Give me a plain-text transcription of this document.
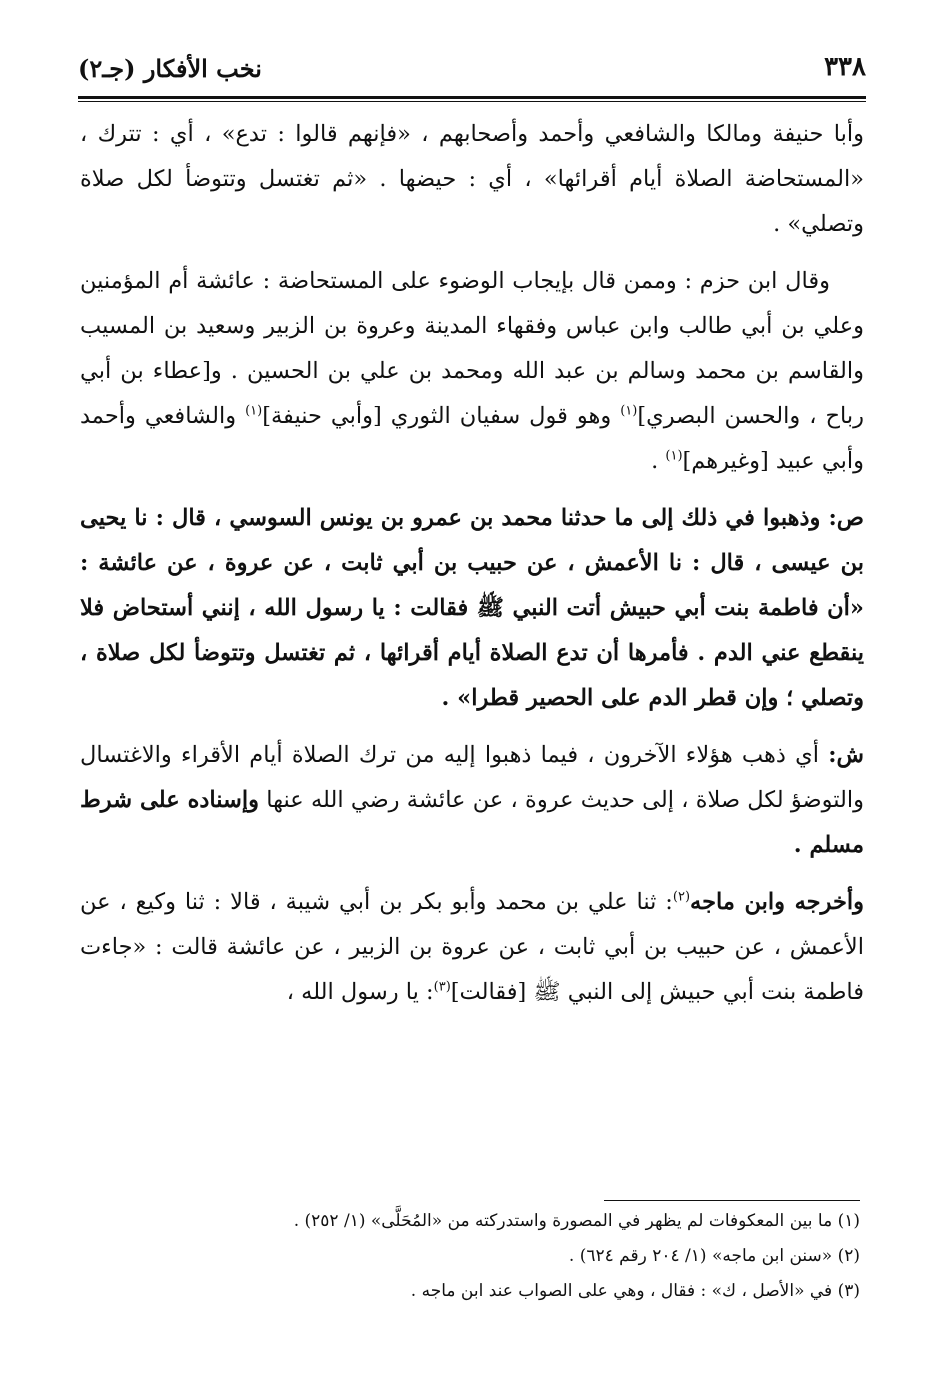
٣٣٨
نخب الأفكار (جـ٢)

وأبا حنيفة ومالكا والشافعي وأحمد وأصحابهم ، «فإنهم قالوا : تدع» ، أي : تترك ، «المستحاضة الصلاة أيام أقرائها» ، أي : حيضها . «ثم تغتسل وتتوضأ لكل صلاة وتصلي» .

وقال ابن حزم : وممن قال بإيجاب الوضوء على المستحاضة : عائشة أم المؤمنين وعلي بن أبي طالب وابن عباس وفقهاء المدينة وعروة بن الزبير وسعيد بن المسيب والقاسم بن محمد وسالم بن عبد الله ومحمد بن علي بن الحسين . و[عطاء بن أبي رباح ، والحسن البصري]$^{(١)}$ وهو قول سفيان الثوري [وأبي حنيفة]$^{(١)}$ والشافعي وأحمد وأبي عبيد [وغيرهم]$^{(١)}$ .

ص: وذهبوا في ذلك إلى ما حدثنا محمد بن عمرو بن يونس السوسي ، قال : نا يحيى بن عيسى ، قال : نا الأعمش ، عن حبيب بن أبي ثابت ، عن عروة ، عن عائشة : «أن فاطمة بنت أبي حبيش أتت النبي ﷺ فقالت : يا رسول الله ، إنني أستحاض فلا ينقطع عني الدم . فأمرها أن تدع الصلاة أيام أقرائها ، ثم تغتسل وتتوضأ لكل صلاة ، وتصلي ؛ وإن قطر الدم على الحصير قطرا» .

ش: أي ذهب هؤلاء الآخرون ، فيما ذهبوا إليه من ترك الصلاة أيام الأقراء والاغتسال والتوضؤ لكل صلاة ، إلى حديث عروة ، عن عائشة رضي الله عنها وإسناده على شرط مسلم .

وأخرجه وابن ماجه$^{(٢)}$: ثنا علي بن محمد وأبو بكر بن أبي شيبة ، قالا : ثنا وكيع ، عن الأعمش ، عن حبيب بن أبي ثابت ، عن عروة بن الزبير ، عن عائشة قالت : «جاءت فاطمة بنت أبي حبيش إلى النبي ﷺ [فقالت]$^{(٣)}$: يا رسول الله ،

(١) ما بين المعكوفات لم يظهر في المصورة واستدركته من «المُحَلَّى» (١/ ٢٥٢) .

(٢) «سنن ابن ماجه» (١/ ٢٠٤ رقم ٦٢٤) .

(٣) في «الأصل ، ك» : فقال ، وهي على الصواب عند ابن ماجه .
